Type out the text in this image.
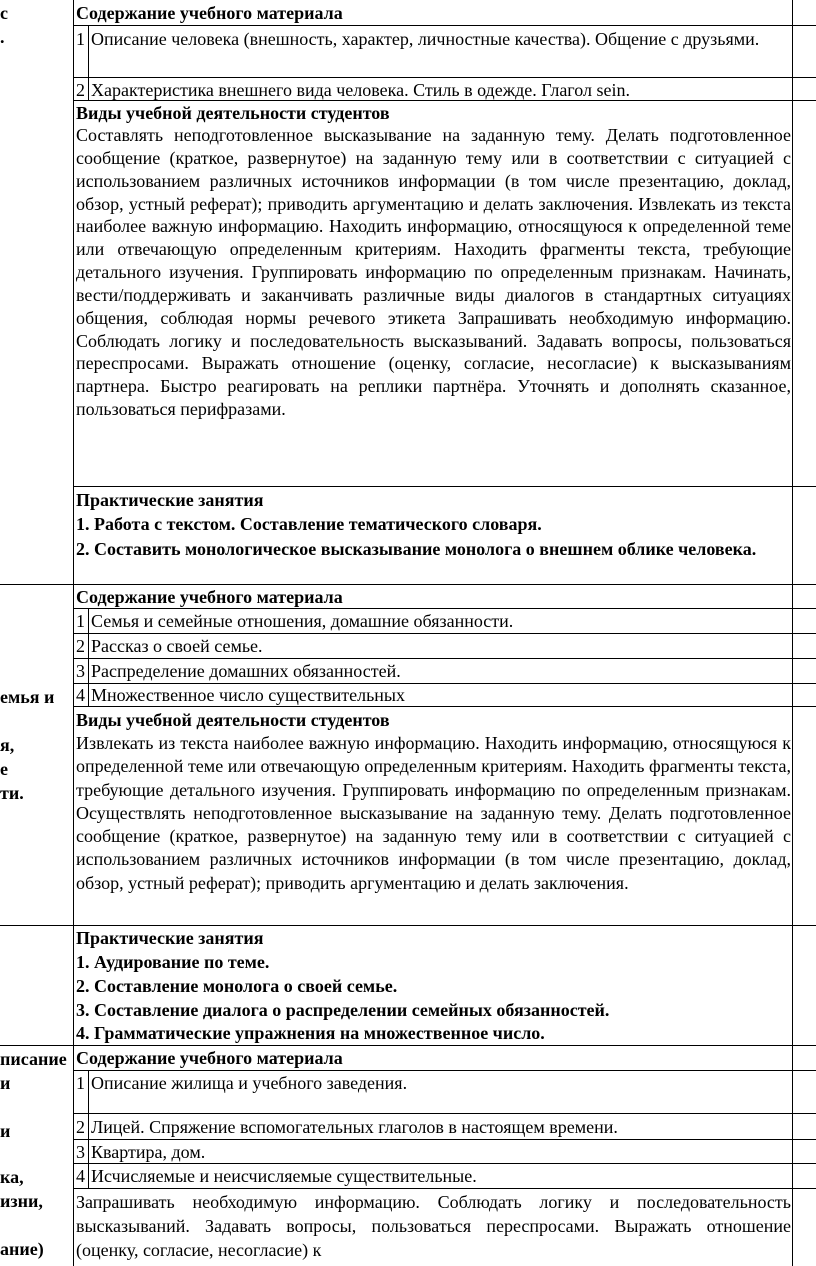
с
.
емья и
я,
е
ти.
писание
и
и
ка,
изни,
ание)
Содержание учебного материала
1 Описание человека (внешность, характер, личностные качества). Общение с друзьями.
2 Характеристика внешнего вида человека. Стиль в одежде. Глагол sein.
Виды учебной деятельности студентов
Составлять неподготовленное высказывание на заданную тему. Делать подготовленное сообщение (краткое, развернутое) на заданную тему или в соответствии с ситуацией с использованием различных источников информации (в том числе презентацию, доклад, обзор, устный реферат); приводить аргументацию и делать заключения. Извлекать из текста наиболее важную информацию. Находить информацию, относящуюся к определенной теме или отвечающую определенным критериям. Находить фрагменты текста, требующие детального изучения. Группировать информацию по определенным признакам. Начинать, вести/поддерживать и заканчивать различные виды диалогов в стандартных ситуациях общения, соблюдая нормы речевого этикета Запрашивать необходимую информацию. Соблюдать логику и последовательность высказываний. Задавать вопросы, пользоваться переспросами. Выражать отношение (оценку, согласие, несогласие) к высказываниям партнера. Быстро реагировать на реплики партнёра. Уточнять и дополнять сказанное, пользоваться перифразами.
Практические занятия
1. Работа с текстом. Составление тематического словаря.
2. Составить монологическое высказывание монолога о внешнем облике человека.
Содержание учебного материала
1 Семья и семейные отношения, домашние обязанности.
2 Рассказ о своей семье.
3 Распределение домашних обязанностей.
4 Множественное число существительных
Виды учебной деятельности студентов
Извлекать из текста наиболее важную информацию. Находить информацию, относящуюся к определенной теме или отвечающую определенным критериям. Находить фрагменты текста, требующие детального изучения. Группировать информацию по определенным признакам. Осуществлять неподготовленное высказывание на заданную тему. Делать подготовленное сообщение (краткое, развернутое) на заданную тему или в соответствии с ситуацией с использованием различных источников информации (в том числе презентацию, доклад, обзор, устный реферат); приводить аргументацию и делать заключения.
Практические занятия
1. Аудирование по теме.
2. Составление монолога о своей семье.
3. Составление диалога о распределении семейных обязанностей.
4. Грамматические упражнения на множественное число.
Содержание учебного материала
1 Описание жилища и учебного заведения.
2 Лицей. Спряжение вспомогательных глаголов в настоящем времени.
3 Квартира, дом.
4 Исчисляемые и неисчисляемые существительные.
Запрашивать необходимую информацию. Соблюдать логику и последовательность высказываний. Задавать вопросы, пользоваться переспросами. Выражать отношение (оценку, согласие, несогласие) к
